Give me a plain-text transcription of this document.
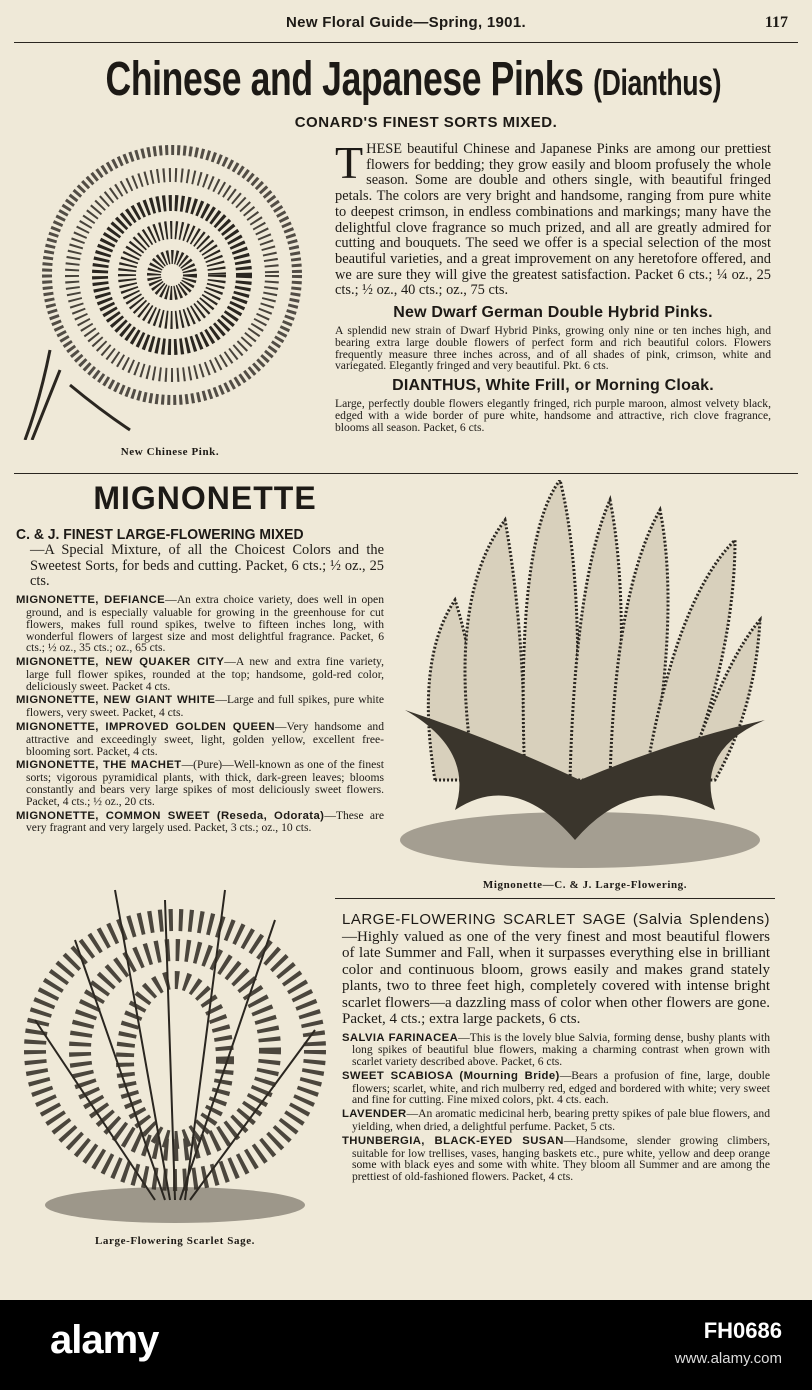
New Floral Guide—Spring, 1901.	117
Chinese and Japanese Pinks (Dianthus)
CONARD'S FINEST SORTS MIXED.
New Chinese Pink.
THESE beautiful Chinese and Japanese Pinks are among our prettiest flowers for bedding; they grow easily and bloom profusely the whole season. Some are double and others single, with beautiful fringed petals. The colors are very bright and handsome, ranging from pure white to deepest crimson, in endless combinations and markings; many have the delightful clove fragrance so much prized, and all are greatly admired for cutting and bouquets. The seed we offer is a special selection of the most beautiful varieties, and a great improvement on any heretofore offered, and we are sure they will give the greatest satisfaction. Packet 6 cts.; ¼ oz., 25 cts.; ½ oz., 40 cts.; oz., 75 cts.
New Dwarf German Double Hybrid Pinks.
A splendid new strain of Dwarf Hybrid Pinks, growing only nine or ten inches high, and bearing extra large double flowers of perfect form and rich beautiful colors. Flowers frequently measure three inches across, and of all shades of pink, crimson, white and variegated. Elegantly fringed and very beautiful. Pkt. 6 cts.
DIANTHUS, White Frill, or Morning Cloak.
Large, perfectly double flowers elegantly fringed, rich purple maroon, almost velvety black, edged with a wide border of pure white, handsome and attractive, rich clove fragrance, blooms all season. Packet, 6 cts.
MIGNONETTE
C. & J. FINEST LARGE-FLOWERING MIXED
—A Special Mixture, of all the Choicest Colors and the Sweetest Sorts, for beds and cutting. Packet, 6 cts.; ½ oz., 25 cts.
MIGNONETTE, DEFIANCE—An extra choice variety, does well in open ground, and is especially valuable for growing in the greenhouse for cut flowers, makes full round spikes, twelve to fifteen inches long, with wonderful flowers of largest size and most delightful fragrance. Packet, 6 cts.; ½ oz., 35 cts.; oz., 65 cts.
MIGNONETTE, NEW QUAKER CITY—A new and extra fine variety, large full flower spikes, rounded at the top; handsome, gold-red color, deliciously sweet. Packet 4 cts.
MIGNONETTE, NEW GIANT WHITE—Large and full spikes, pure white flowers, very sweet. Packet, 4 cts.
MIGNONETTE, IMPROVED GOLDEN QUEEN—Very handsome and attractive and exceedingly sweet, light, golden yellow, excellent free-blooming sort. Packet, 4 cts.
MIGNONETTE, THE MACHET—(Pure)—Well-known as one of the finest sorts; vigorous pyramidical plants, with thick, dark-green leaves; blooms constantly and bears very large spikes of most deliciously sweet flowers. Packet, 4 cts.; ½ oz., 20 cts.
MIGNONETTE, COMMON SWEET (Reseda, Odorata)—These are very fragrant and very largely used. Packet, 3 cts.; oz., 10 cts.
Mignonette—C. & J. Large-Flowering.
Large-Flowering Scarlet Sage.
LARGE-FLOWERING SCARLET SAGE (Salvia Splendens)—Highly valued as one of the very finest and most beautiful flowers of late Summer and Fall, when it surpasses everything else in brilliant color and continuous bloom, grows easily and makes grand stately plants, two to three feet high, completely covered with intense bright scarlet flowers—a dazzling mass of color when other flowers are gone. Packet, 4 cts.; extra large packets, 6 cts.
SALVIA FARINACEA—This is the lovely blue Salvia, forming dense, bushy plants with long spikes of beautiful blue flowers, making a charming contrast when grown with scarlet variety described above. Packet, 6 cts.
SWEET SCABIOSA (Mourning Bride)—Bears a profusion of fine, large, double flowers; scarlet, white, and rich mulberry red, edged and bordered with white; very sweet and fine for cutting. Fine mixed colors, pkt. 4 cts. each.
LAVENDER—An aromatic medicinal herb, bearing pretty spikes of pale blue flowers, and yielding, when dried, a delightful perfume. Packet, 5 cts.
THUNBERGIA, BLACK-EYED SUSAN—Handsome, slender growing climbers, suitable for low trellises, vases, hanging baskets etc., pure white, yellow and deep orange some with black eyes and some with white. They bloom all Summer and are among the prettiest of old-fashioned flowers. Packet, 4 cts.
alamy	FH0686
www.alamy.com
